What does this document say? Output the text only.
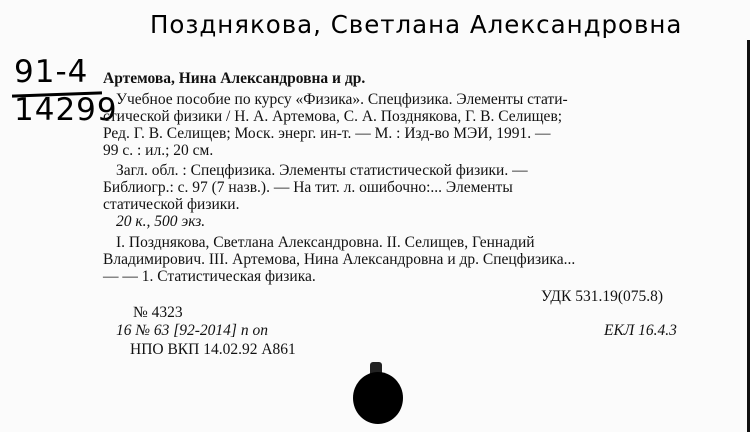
Позднякова, Светлана Александровна
91-4
14299
Артемова, Нина Александровна и др.
Учебное пособие по курсу «Физика». Спецфизика. Элементы стати-
стической физики / Н. А. Артемова, С. А. Позднякова, Г. В. Селищев;
Ред. Г. В. Селищев; Моск. энерг. ин-т. — М. : Изд-во МЭИ, 1991. —
99 с. : ил.; 20 см.
Загл. обл. : Спецфизика. Элементы статистической физики. —
Библиогр.: с. 97 (7 назв.). — На тит. л. ошибочно:... Элементы
статической физики.
20 к., 500 экз.
I. Позднякова, Светлана Александровна. II. Селищев, Геннадий
Владимирович. III. Артемова, Нина Александровна и др. Спецфизика...
— — 1. Статистическая физика.
УДК 531.19(075.8)
№ 4323
16 № 63 [92-2014] п оп	ЕКЛ 16.4.3
НПО ВКП 14.02.92 А861
